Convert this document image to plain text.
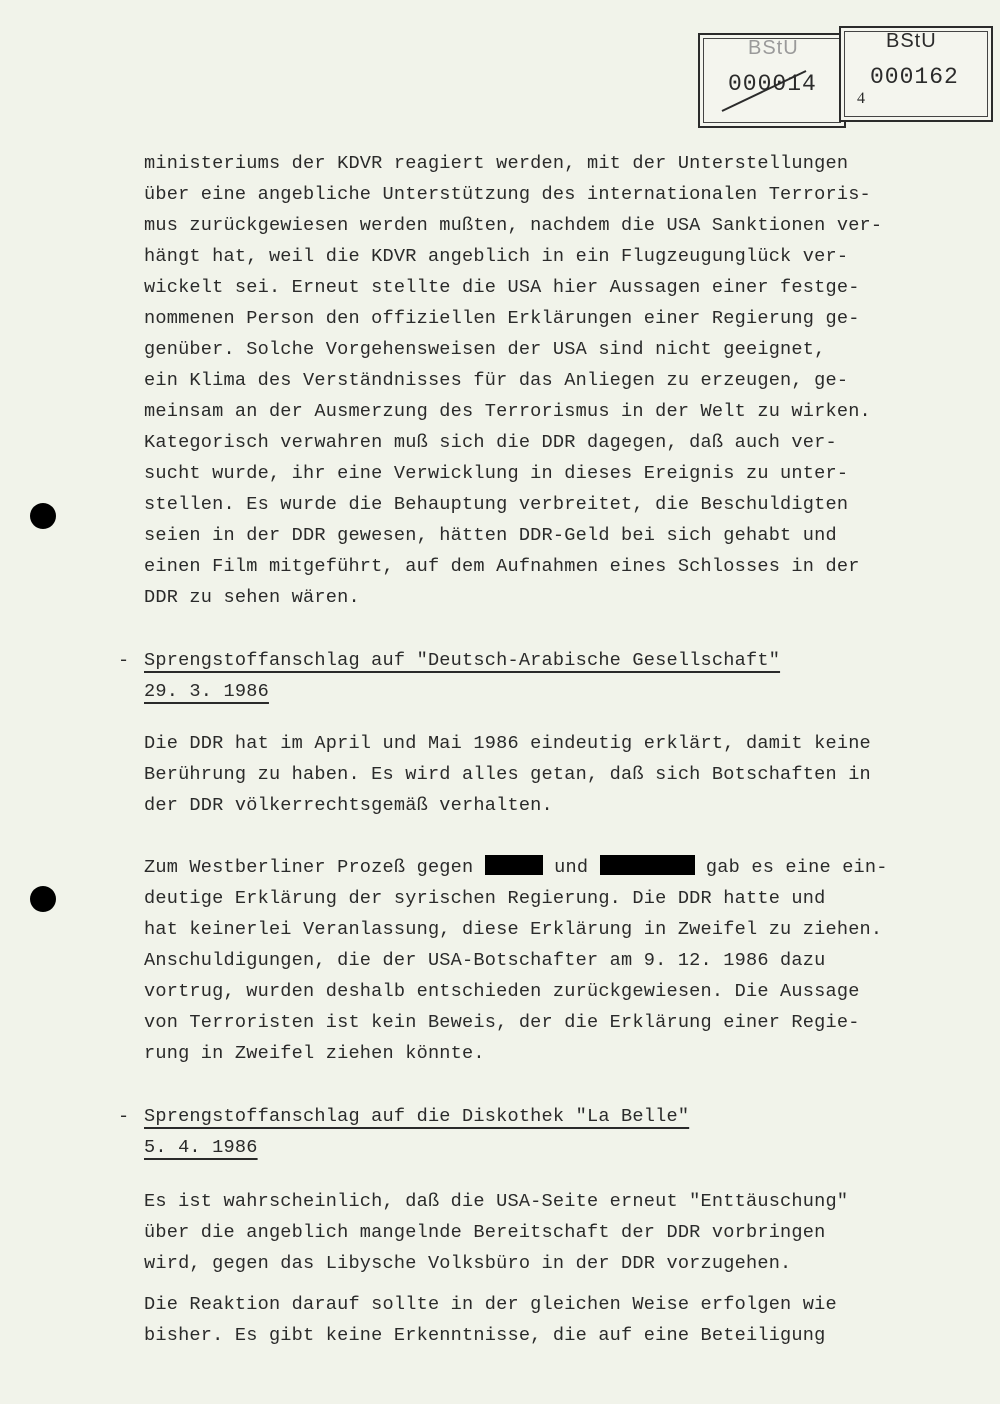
BStU
000014
BStU
000162
4
ministeriums der KDVR reagiert werden, mit der Unterstellungen
über eine angebliche Unterstützung des internationalen Terroris-
mus zurückgewiesen werden mußten, nachdem die USA Sanktionen ver-
hängt hat, weil die KDVR angeblich in ein Flugzeugunglück ver-
wickelt sei. Erneut stellte die USA hier Aussagen einer festge-
nommenen Person den offiziellen Erklärungen einer Regierung ge-
genüber. Solche Vorgehensweisen der USA sind nicht geeignet,
ein Klima des Verständnisses für das Anliegen zu erzeugen, ge-
meinsam an der Ausmerzung des Terrorismus in der Welt zu wirken.
Kategorisch verwahren muß sich die DDR dagegen, daß auch ver-
sucht wurde, ihr eine Verwicklung in dieses Ereignis zu unter-
stellen. Es wurde die Behauptung verbreitet, die Beschuldigten
seien in der DDR gewesen, hätten DDR-Geld bei sich gehabt und
einen Film mitgeführt, auf dem Aufnahmen eines Schlosses in der
DDR zu sehen wären.
- Sprengstoffanschlag auf "Deutsch-Arabische Gesellschaft"
29. 3. 1986
Die DDR hat im April und Mai 1986 eindeutig erklärt, damit keine
Berührung zu haben. Es wird alles getan, daß sich Botschaften in
der DDR völkerrechtsgemäß verhalten.
Zum Westberliner Prozeß gegen	und	gab es eine ein-
deutige Erklärung der syrischen Regierung. Die DDR hatte und
hat keinerlei Veranlassung, diese Erklärung in Zweifel zu ziehen.
Anschuldigungen, die der USA-Botschafter am 9. 12. 1986 dazu
vortrug, wurden deshalb entschieden zurückgewiesen. Die Aussage
von Terroristen ist kein Beweis, der die Erklärung einer Regie-
rung in Zweifel ziehen könnte.
- Sprengstoffanschlag auf die Diskothek "La Belle"
5. 4. 1986
Es ist wahrscheinlich, daß die USA-Seite erneut "Enttäuschung"
über die angeblich mangelnde Bereitschaft der DDR vorbringen
wird, gegen das Libysche Volksbüro in der DDR vorzugehen.
Die Reaktion darauf sollte in der gleichen Weise erfolgen wie
bisher. Es gibt keine Erkenntnisse, die auf eine Beteiligung
